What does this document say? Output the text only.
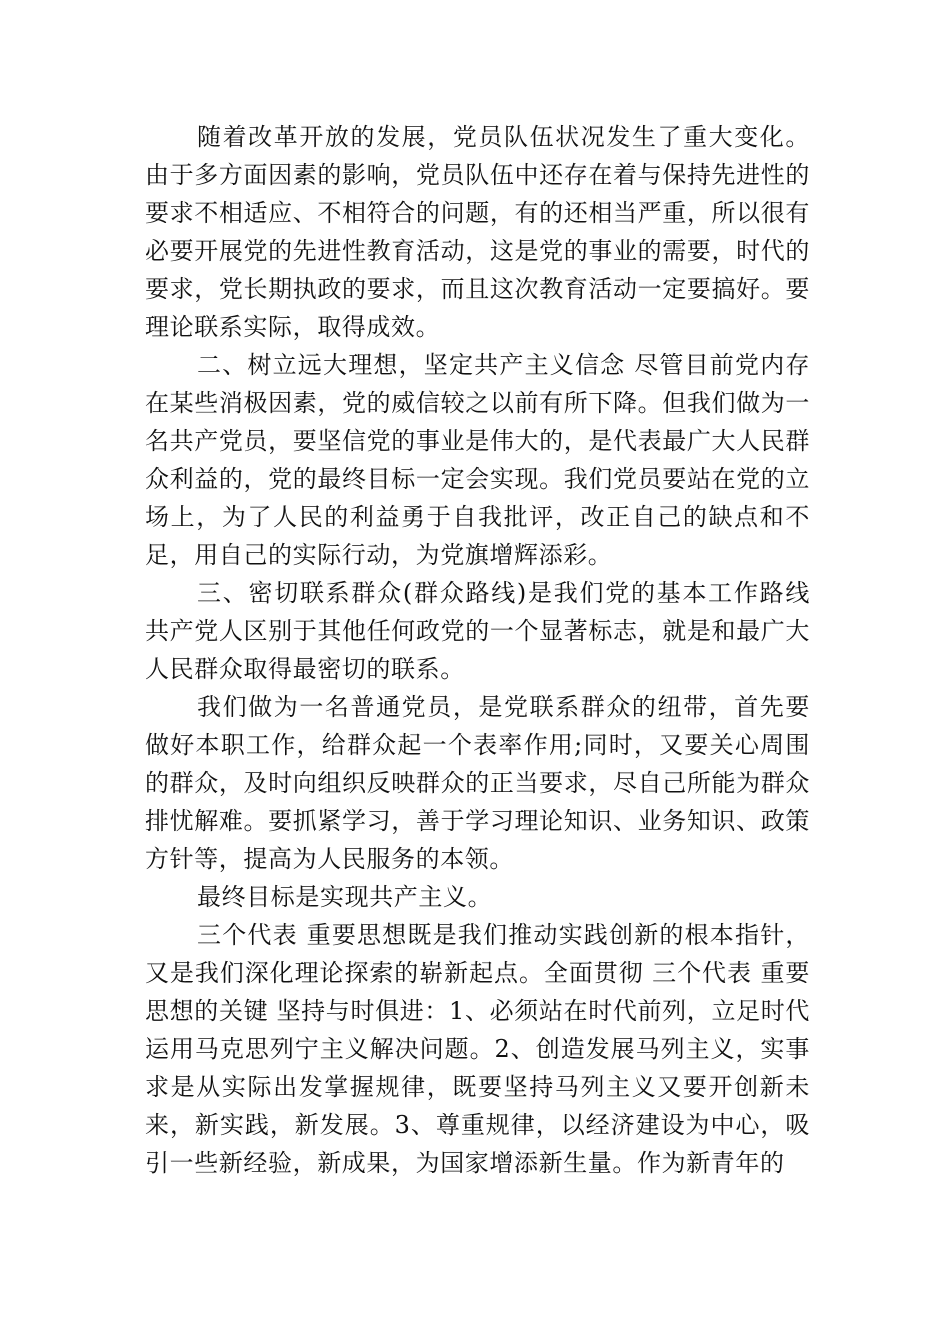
随着改革开放的发展，党员队伍状况发生了重大变化。由于多方面因素的影响，党员队伍中还存在着与保持先进性的要求不相适应、不相符合的问题，有的还相当严重，所以很有必要开展党的先进性教育活动，这是党的事业的需要，时代的要求，党长期执政的要求，而且这次教育活动一定要搞好。要理论联系实际，取得成效。

二、树立远大理想，坚定共产主义信念 尽管目前党内存在某些消极因素，党的威信较之以前有所下降。但我们做为一名共产党员，要坚信党的事业是伟大的，是代表最广大人民群众利益的，党的最终目标一定会实现。我们党员要站在党的立场上，为了人民的利益勇于自我批评，改正自己的缺点和不足，用自己的实际行动，为党旗增辉添彩。

三、密切联系群众(群众路线)是我们党的基本工作路线 共产党人区别于其他任何政党的一个显著标志，就是和最广大人民群众取得最密切的联系。

我们做为一名普通党员，是党联系群众的纽带，首先要做好本职工作，给群众起一个表率作用;同时，又要关心周围的群众，及时向组织反映群众的正当要求，尽自己所能为群众排忧解难。要抓紧学习，善于学习理论知识、业务知识、政策方针等，提高为人民服务的本领。

最终目标是实现共产主义。

三个代表 重要思想既是我们推动实践创新的根本指针，又是我们深化理论探索的崭新起点。全面贯彻 三个代表 重要思想的关键 坚持与时俱进：1、必须站在时代前列，立足时代运用马克思列宁主义解决问题。2、创造发展马列主义，实事求是从实际出发掌握规律，既要坚持马列主义又要开创新未来，新实践，新发展。3、尊重规律，以经济建设为中心，吸引一些新经验，新成果，为国家增添新生量。作为新青年的
